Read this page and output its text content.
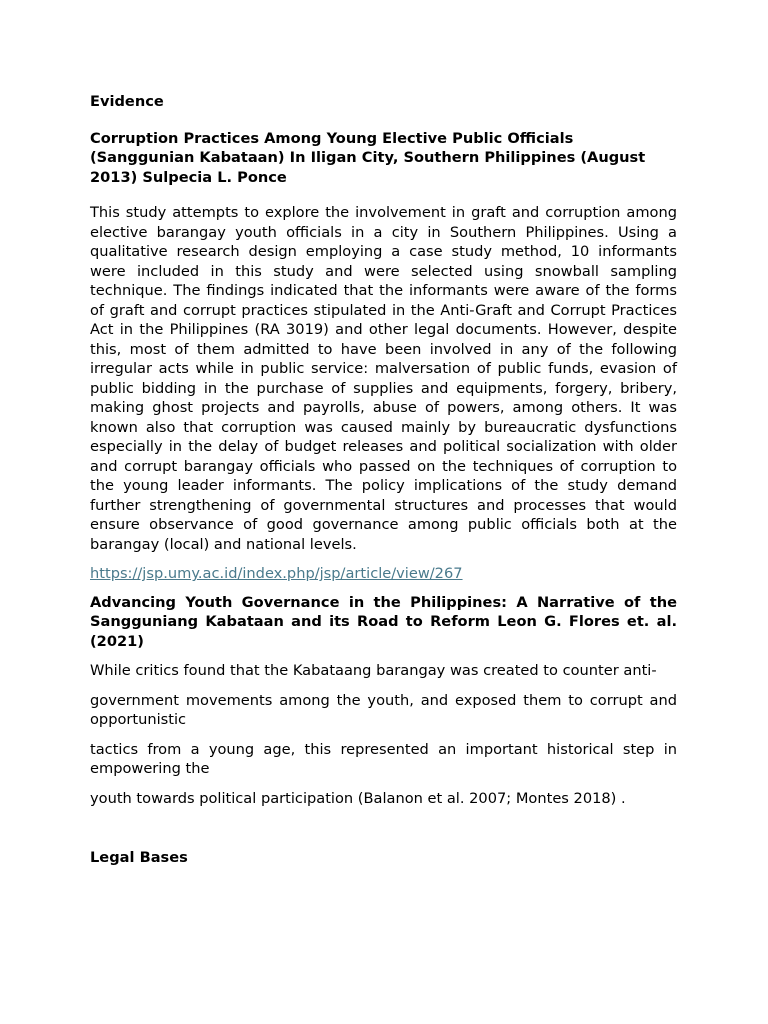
Evidence

Corruption Practices Among Young Elective Public Officials (Sanggunian Kabataan) In Iligan City, Southern Philippines (August 2013) Sulpecia L. Ponce

This study attempts to explore the involvement in graft and corruption among elective barangay youth officials in a city in Southern Philippines. Using a qualitative research design employing a case study method, 10 informants were included in this study and were selected using snowball sampling technique. The findings indicated that the informants were aware of the forms of graft and corrupt practices stipulated in the Anti-Graft and Corrupt Practices Act in the Philippines (RA 3019) and other legal documents. However, despite this, most of them admitted to have been involved in any of the following irregular acts while in public service: malversation of public funds, evasion of public bidding in the purchase of supplies and equipments, forgery, bribery, making ghost projects and payrolls, abuse of powers, among others. It was known also that corruption was caused mainly by bureaucratic dysfunctions especially in the delay of budget releases and political socialization with older and corrupt barangay officials who passed on the techniques of corruption to the young leader informants. The policy implications of the study demand further strengthening of governmental structures and processes that would ensure observance of good governance among public officials both at the barangay (local) and national levels.

https://jsp.umy.ac.id/index.php/jsp/article/view/267

Advancing Youth Governance in the Philippines: A Narrative of the Sangguniang Kabataan and its Road to Reform Leon G. Flores et. al. (2021)

While critics found that the Kabataang barangay was created to counter anti-

government movements among the youth, and exposed them to corrupt and opportunistic

tactics from a young age, this represented an important historical step in empowering the

youth towards political participation (Balanon et al. 2007; Montes 2018) .

Legal Bases
